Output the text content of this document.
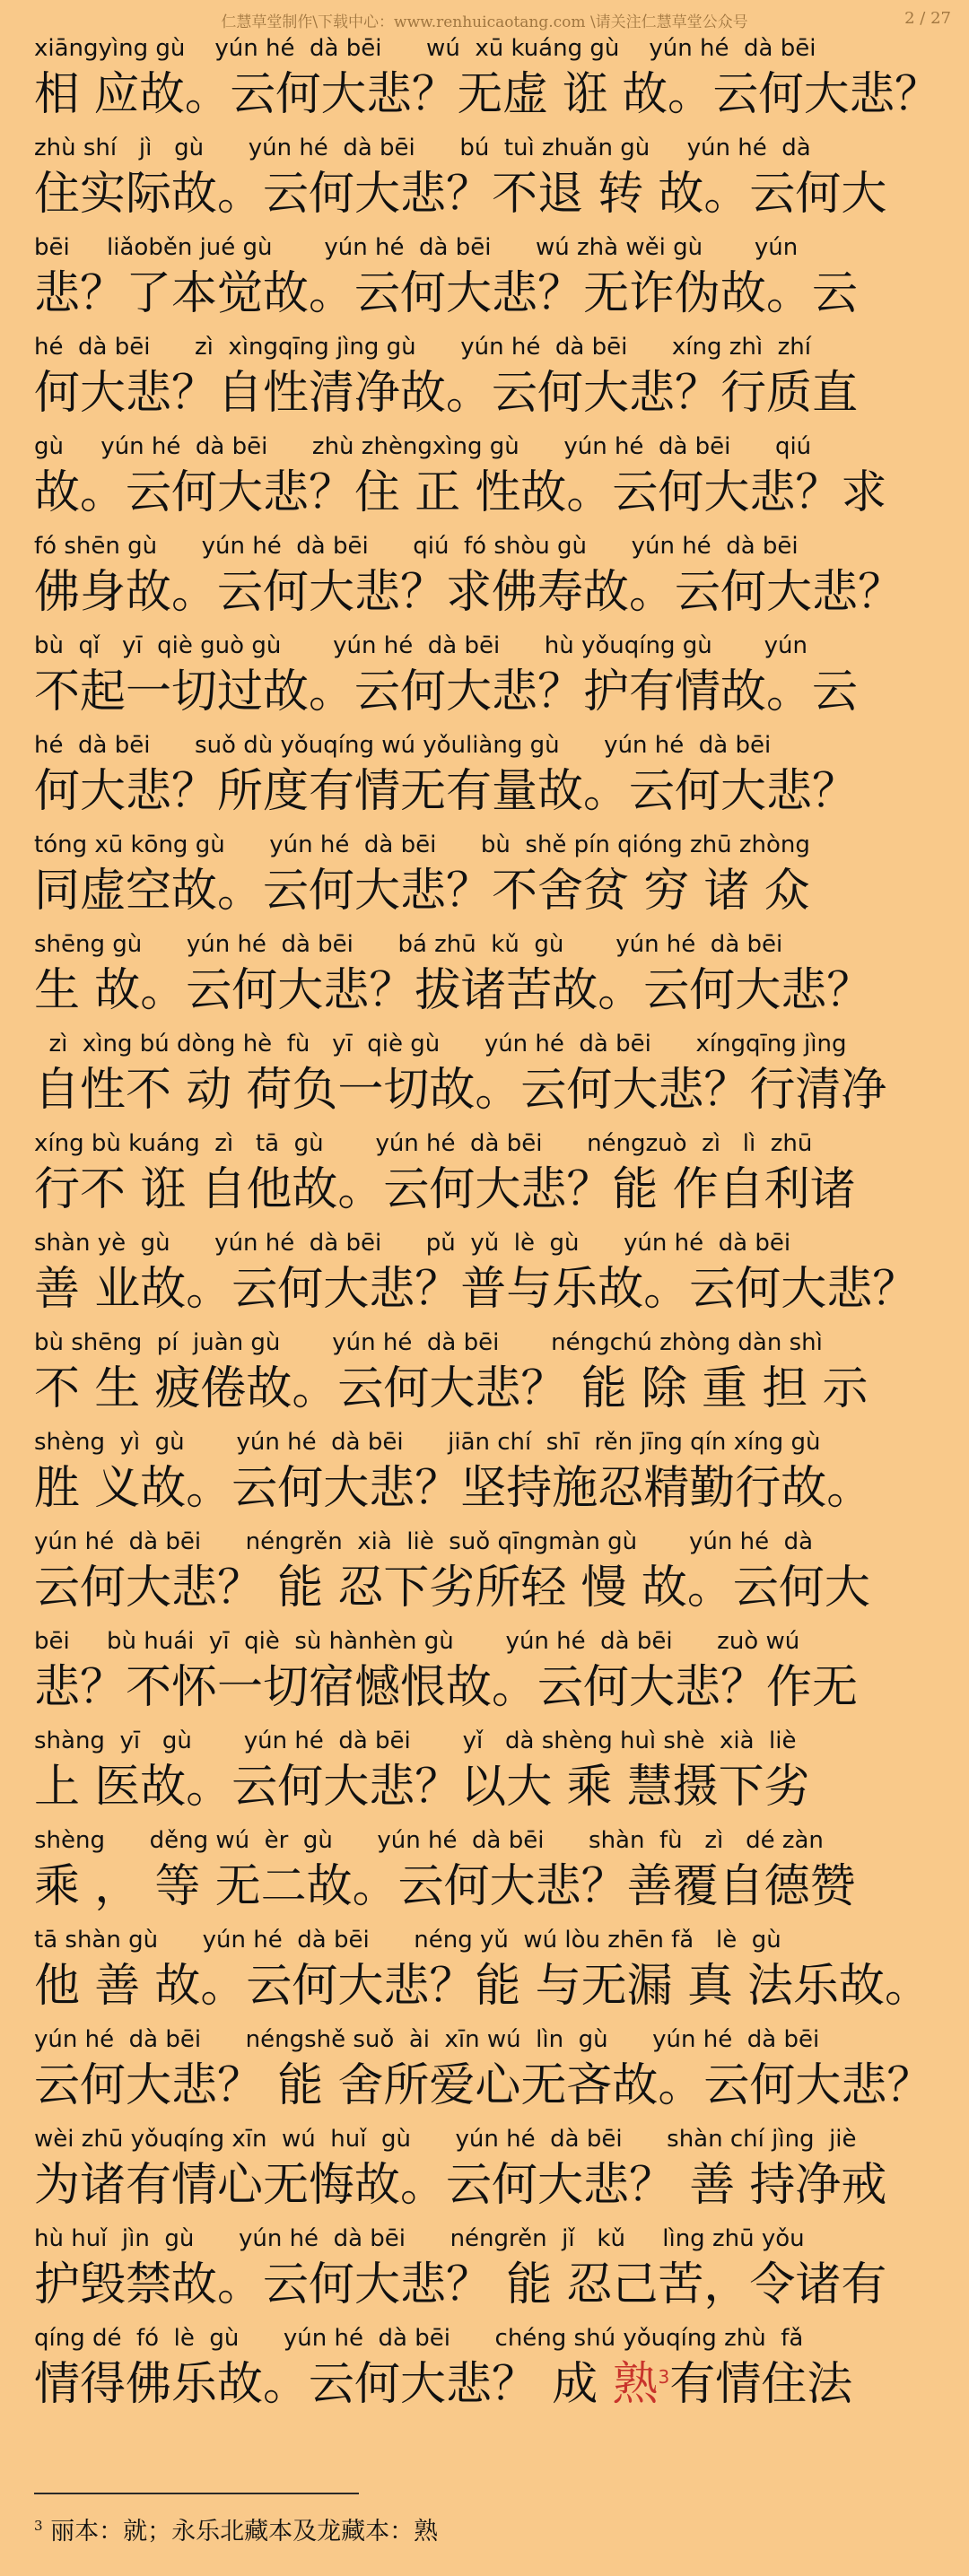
仁慧草堂制作\下载中心：www.renhuicaotang.com \请关注仁慧草堂公众号	2 / 27
xiāngyìng gù    yún hé  dà bēi      wú  xū kuáng gù    yún hé  dà bēi
相 应故。云何大悲？无虚 诳 故。云何大悲？
zhù shí   jì   gù      yún hé  dà bēi      bú  tuì zhuǎn gù     yún hé  dà
住实际故。云何大悲？不退 转 故。云何大
bēi     liǎoběn jué gù       yún hé  dà bēi      wú zhà wěi gù       yún
悲？了本觉故。云何大悲？无诈伪故。云
hé  dà bēi      zì  xìngqīng jìng gù      yún hé  dà bēi      xíng zhì  zhí
何大悲？自性清净故。云何大悲？行质直
gù     yún hé  dà bēi      zhù zhèngxìng gù      yún hé  dà bēi      qiú
故。云何大悲？住 正 性故。云何大悲？求
fó shēn gù      yún hé  dà bēi      qiú  fó shòu gù      yún hé  dà bēi
佛身故。云何大悲？求佛寿故。云何大悲？
bù  qǐ   yī  qiè guò gù       yún hé  dà bēi      hù yǒuqíng gù       yún
不起一切过故。云何大悲？护有情故。云
hé  dà bēi      suǒ dù yǒuqíng wú yǒuliàng gù      yún hé  dà bēi
何大悲？所度有情无有量故。云何大悲？
tóng xū kōng gù      yún hé  dà bēi      bù  shě pín qióng zhū zhòng
同虚空故。云何大悲？不舍贫 穷 诸 众
shēng gù      yún hé  dà bēi      bá zhū  kǔ  gù       yún hé  dà bēi
生 故。云何大悲？拔诸苦故。云何大悲？
zì  xìng bú dòng hè  fù   yī  qiè gù      yún hé  dà bēi      xíngqīng jìng
自性不 动 荷负一切故。云何大悲？行清净
xíng bù kuáng  zì   tā  gù       yún hé  dà bēi      néngzuò  zì   lì  zhū
行不 诳 自他故。云何大悲？能 作自利诸
shàn yè  gù      yún hé  dà bēi      pǔ  yǔ  lè  gù      yún hé  dà bēi
善 业故。云何大悲？普与乐故。云何大悲？
bù shēng  pí  juàn gù       yún hé  dà bēi       néngchú zhòng dàn shì
不 生 疲倦故。云何大悲？ 能 除 重 担 示
shèng  yì  gù       yún hé  dà bēi      jiān chí  shī  rěn jīng qín xíng gù
胜 义故。云何大悲？坚持施忍精勤行故。
yún hé  dà bēi      néngrěn  xià  liè  suǒ qīngmàn gù       yún hé  dà
云何大悲？ 能 忍下劣所轻 慢 故。云何大
bēi     bù huái  yī  qiè  sù hànhèn gù       yún hé  dà bēi      zuò wú
悲？不怀一切宿憾恨故。云何大悲？作无
shàng  yī   gù       yún hé  dà bēi       yǐ   dà shèng huì shè  xià  liè
上 医故。云何大悲？以大 乘 慧摄下劣
shèng      děng wú  èr  gù      yún hé  dà bēi      shàn  fù   zì   dé zàn
乘 ， 等 无二故。云何大悲？善覆自德赞
tā shàn gù      yún hé  dà bēi      néng yǔ  wú lòu zhēn fǎ   lè  gù
他 善 故。云何大悲？能 与无漏 真 法乐故。
yún hé  dà bēi      néngshě suǒ  ài  xīn wú  lìn  gù      yún hé  dà bēi
云何大悲？ 能 舍所爱心无吝故。云何大悲？
wèi zhū yǒuqíng xīn  wú  huǐ  gù      yún hé  dà bēi      shàn chí jìng  jiè
为诸有情心无悔故。云何大悲？ 善 持净戒
hù huǐ  jìn  gù      yún hé  dà bēi      néngrěn  jǐ   kǔ     lìng zhū yǒu
护毁禁故。云何大悲？ 能 忍己苦，令诸有
qíng dé  fó  lè  gù      yún hé  dà bēi      chéng shú yǒuqíng zhù  fǎ
情得佛乐故。云何大悲？ 成 熟$^3$有情住法
$^3$ 丽本：就；永乐北藏本及龙藏本：熟
